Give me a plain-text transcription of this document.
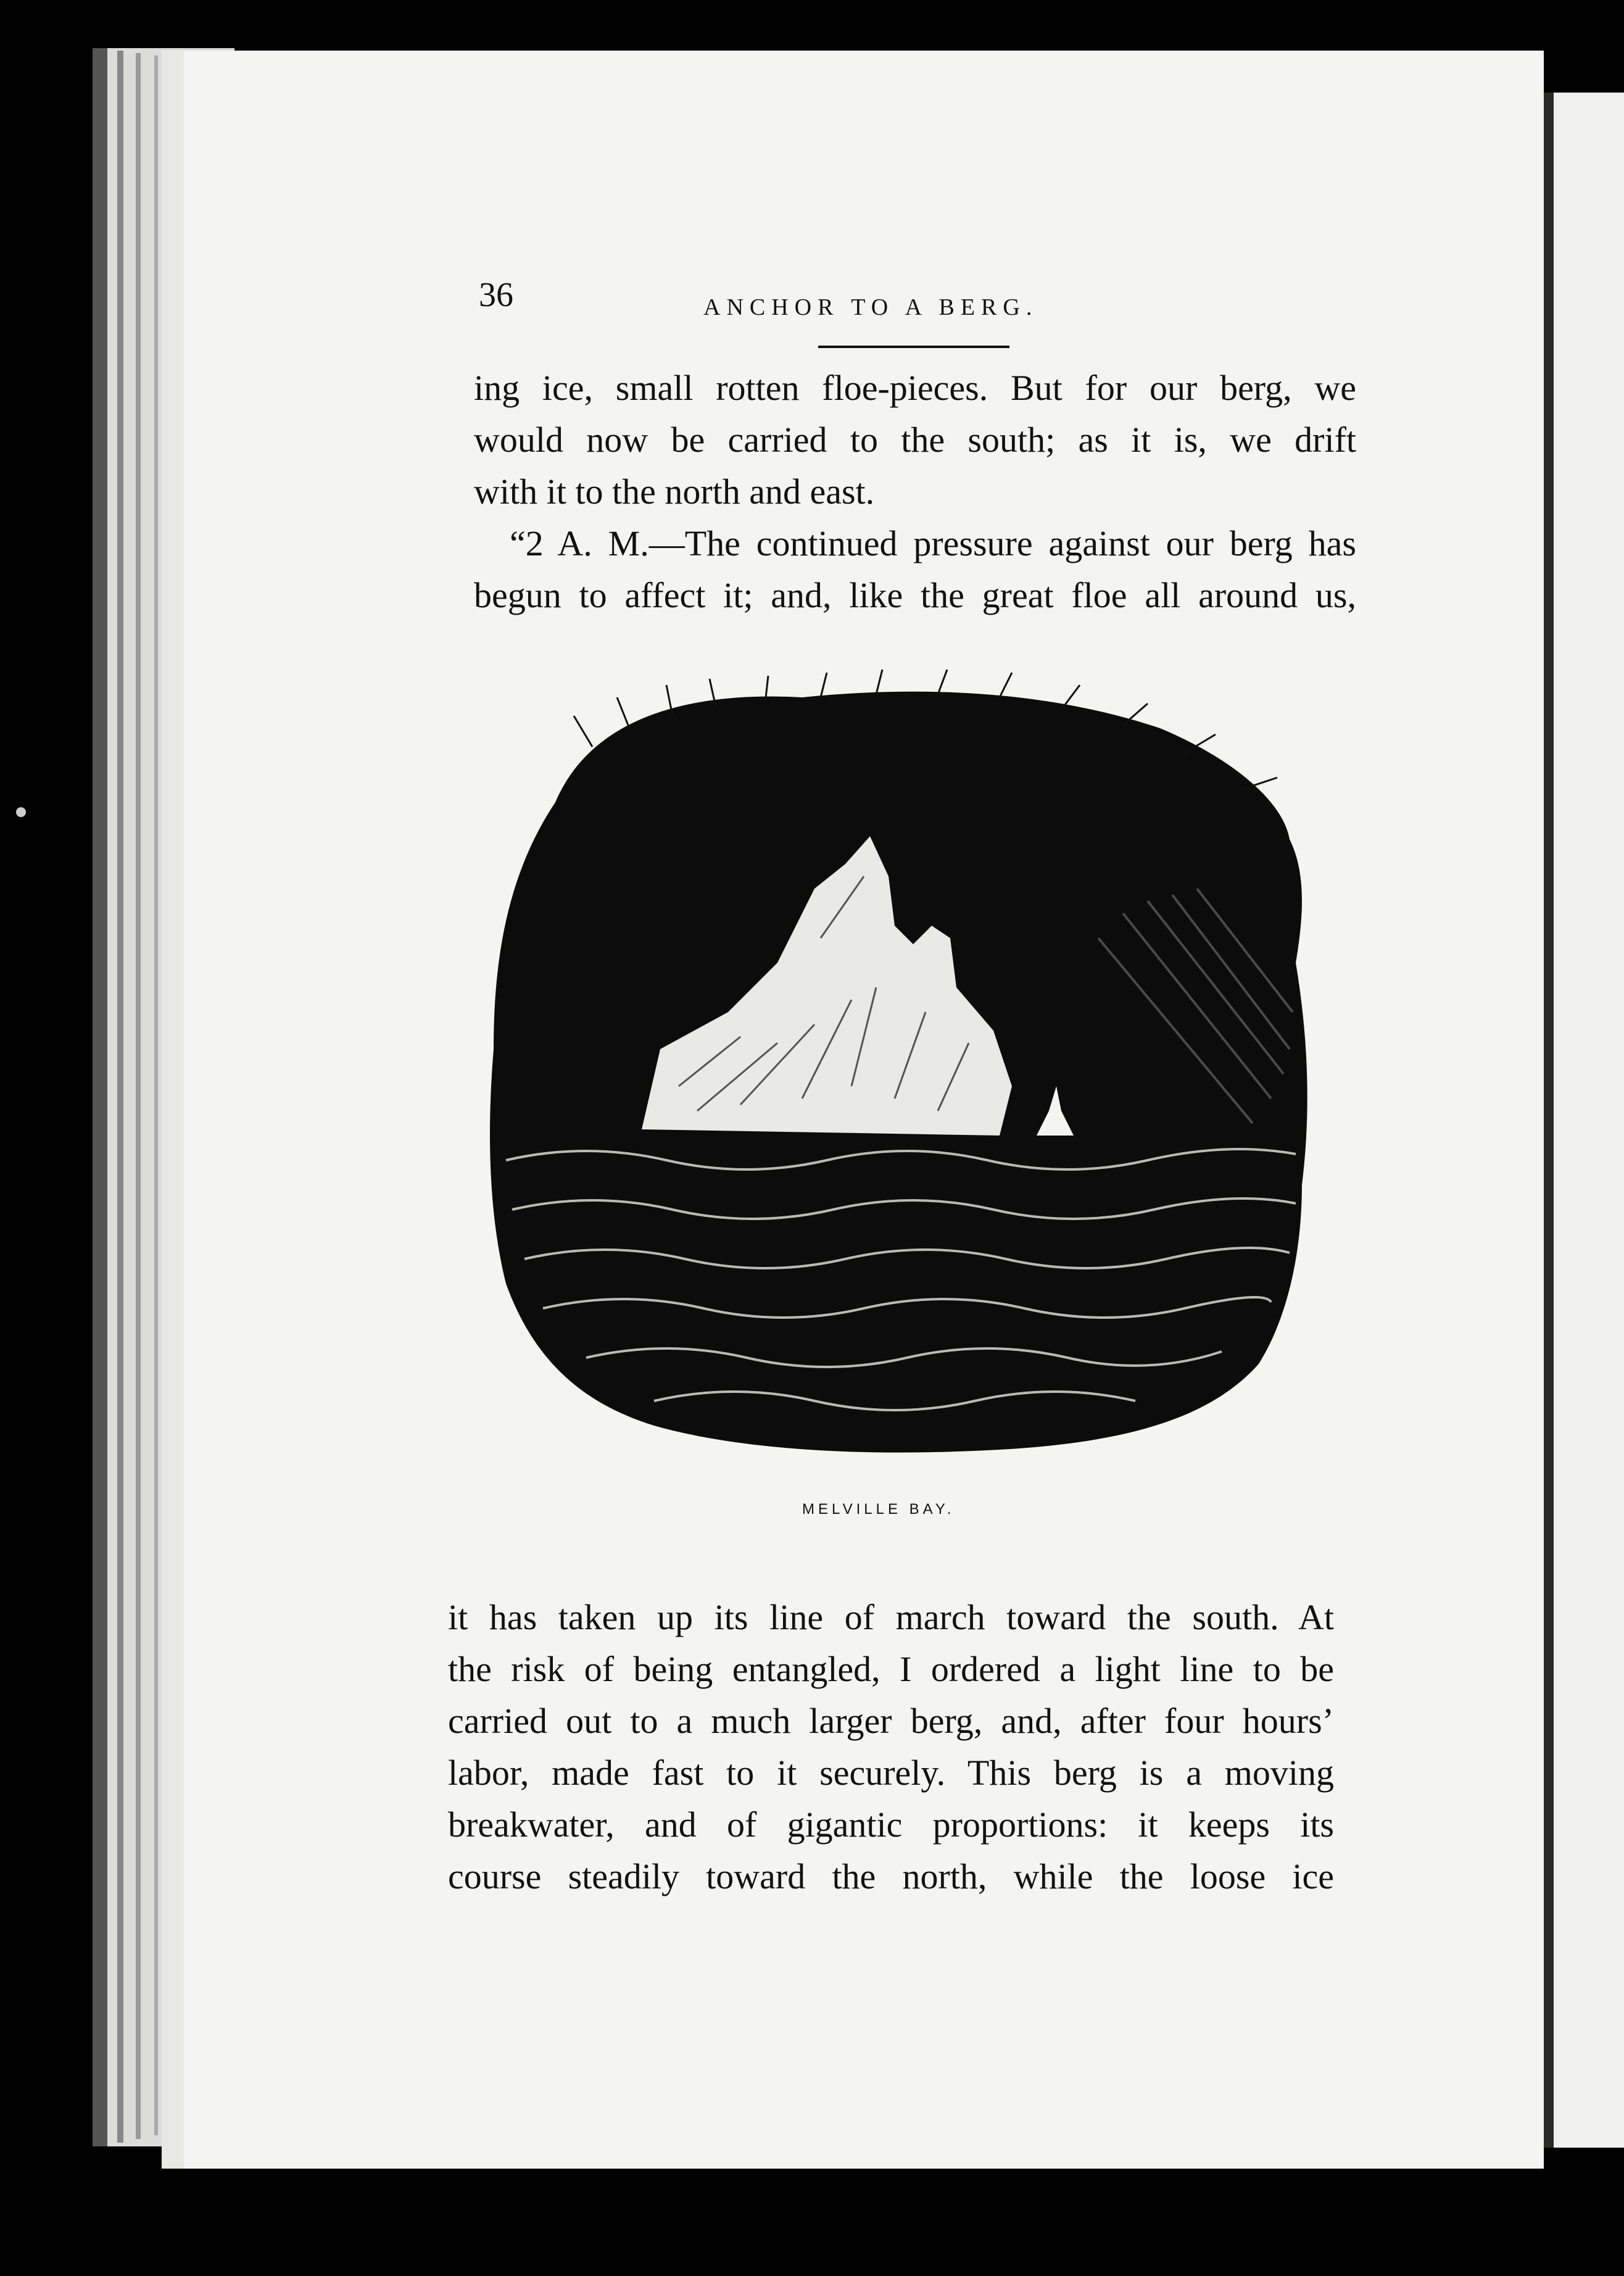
36	ANCHOR TO A BERG.
ing ice, small rotten floe-pieces. But for our berg, we
would now be carried to the south; as it is, we drift
with it to the north and east.
“2 A. M.—The continued pressure against our berg has
begun to affect it; and, like the great floe all around us,
MELVILLE BAY.
it has taken up its line of march toward the south. At
the risk of being entangled, I ordered a light line to be
carried out to a much larger berg, and, after four hours’
labor, made fast to it securely. This berg is a moving
breakwater, and of gigantic proportions: it keeps its
course steadily toward the north, while the loose ice
